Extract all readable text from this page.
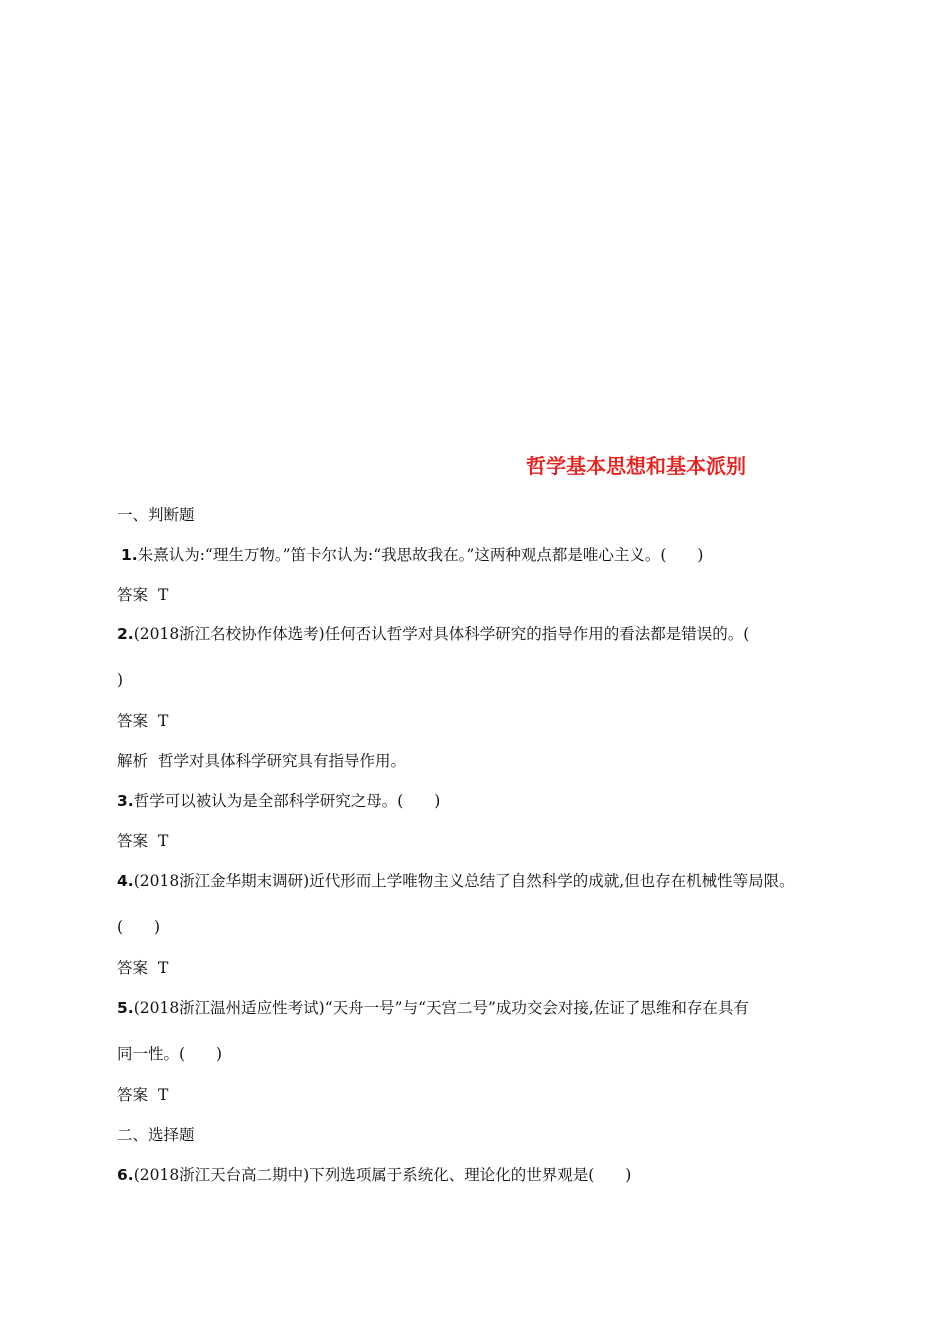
哲学基本思想和基本派别
一、判断题
1.朱熹认为:“理生万物。”笛卡尔认为:“我思故我在。”这两种观点都是唯心主义。(　　)
答案 T
2.(2018浙江名校协作体选考)任何否认哲学对具体科学研究的指导作用的看法都是错误的。(
)
答案 T
解析 哲学对具体科学研究具有指导作用。
3.哲学可以被认为是全部科学研究之母。(　　)
答案 T
4.(2018浙江金华期末调研)近代形而上学唯物主义总结了自然科学的成就,但也存在机械性等局限。
(　　)
答案 T
5.(2018浙江温州适应性考试)“天舟一号”与“天宫二号”成功交会对接,佐证了思维和存在具有
同一性。(　　)
答案 T
二、选择题
6.(2018浙江天台高二期中)下列选项属于系统化、理论化的世界观是(　　)
